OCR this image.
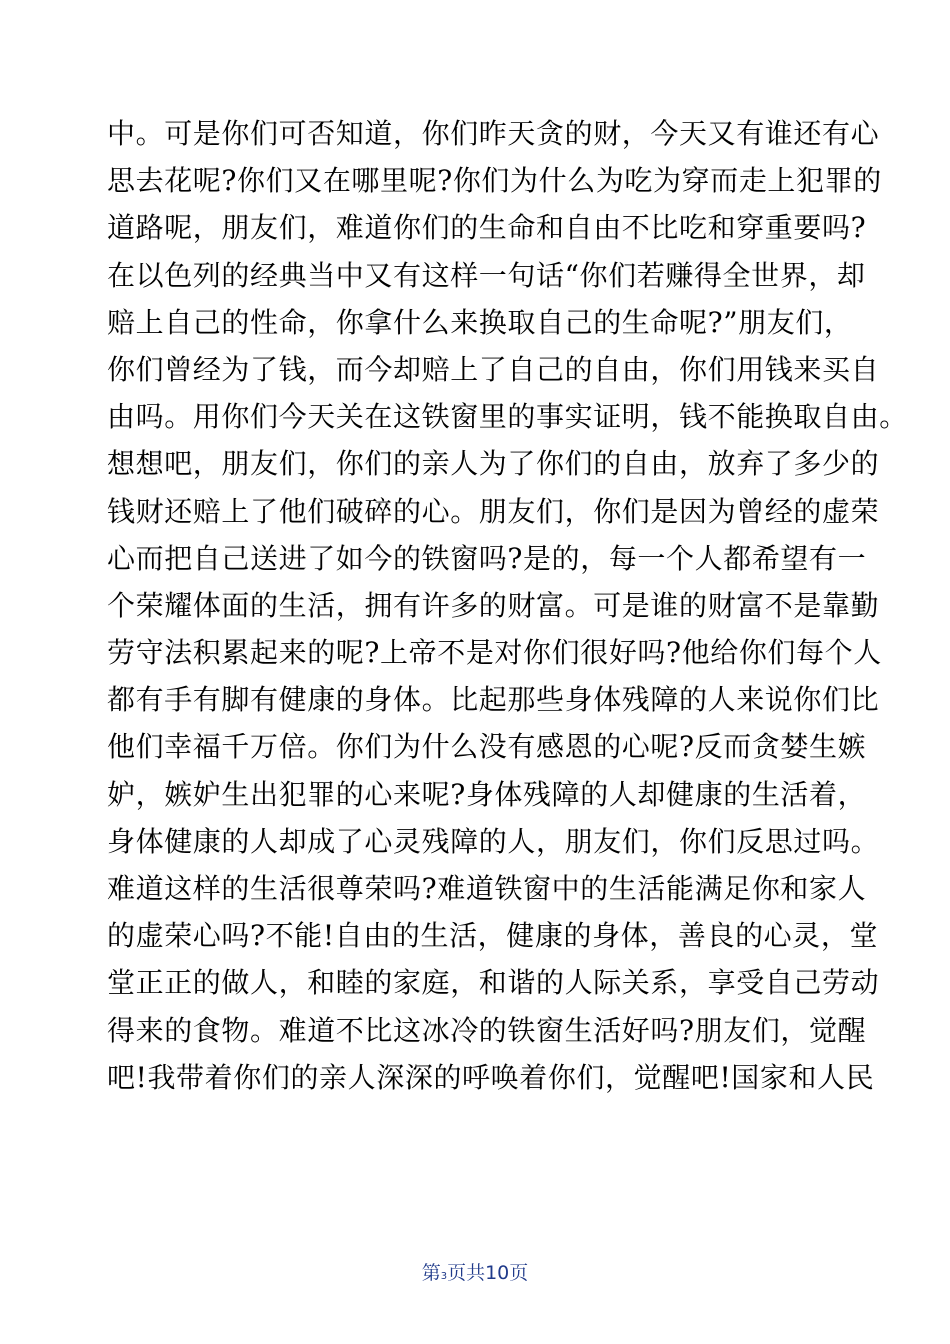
中。可是你们可否知道，你们昨天贪的财，今天又有谁还有心
思去花呢?你们又在哪里呢?你们为什么为吃为穿而走上犯罪的
道路呢，朋友们，难道你们的生命和自由不比吃和穿重要吗?
在以色列的经典当中又有这样一句话“你们若赚得全世界，却
赔上自己的性命，你拿什么来换取自己的生命呢?”朋友们，
你们曾经为了钱，而今却赔上了自己的自由，你们用钱来买自
由吗。用你们今天关在这铁窗里的事实证明，钱不能换取自由。
想想吧，朋友们，你们的亲人为了你们的自由，放弃了多少的
钱财还赔上了他们破碎的心。朋友们，你们是因为曾经的虚荣
心而把自己送进了如今的铁窗吗?是的，每一个人都希望有一
个荣耀体面的生活，拥有许多的财富。可是谁的财富不是靠勤
劳守法积累起来的呢?上帝不是对你们很好吗?他给你们每个人
都有手有脚有健康的身体。比起那些身体残障的人来说你们比
他们幸福千万倍。你们为什么没有感恩的心呢?反而贪婪生嫉
妒，嫉妒生出犯罪的心来呢?身体残障的人却健康的生活着，
身体健康的人却成了心灵残障的人，朋友们，你们反思过吗。
难道这样的生活很尊荣吗?难道铁窗中的生活能满足你和家人
的虚荣心吗?不能!自由的生活，健康的身体，善良的心灵，堂
堂正正的做人，和睦的家庭，和谐的人际关系，享受自己劳动
得来的食物。难道不比这冰冷的铁窗生活好吗?朋友们，觉醒
吧!我带着你们的亲人深深的呼唤着你们，觉醒吧!国家和人民
第3页共10页
